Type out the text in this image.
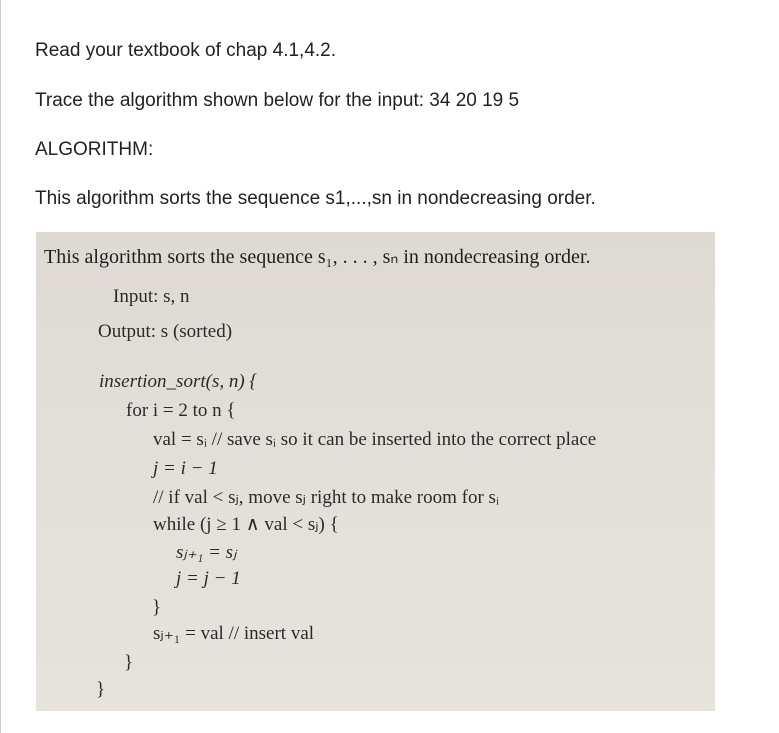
Read your textbook of chap 4.1,4.2.

Trace the algorithm shown below for the input: 34 20 19 5

ALGORITHM:

This algorithm sorts the sequence s1,...,sn in nondecreasing order.

This algorithm sorts the sequence s₁, . . . , sₙ in nondecreasing order.

Input: s, n

Output: s (sorted)

insertion_sort(s, n) {

for i = 2 to n {

val = sᵢ // save sᵢ so it can be inserted into the correct place

j = i − 1

// if val < sⱼ, move sⱼ right to make room for sᵢ

while (j ≥ 1 ∧ val < sⱼ) {

sⱼ₊₁ = sⱼ

j = j − 1

}

sⱼ₊₁ = val // insert val

}

}
